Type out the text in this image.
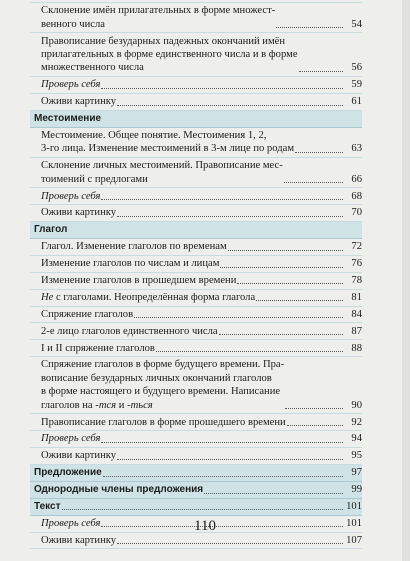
Склонение имён прилагательных в форме множест-
венного числа	54
Правописание безударных падежных окончаний имён
прилагательных в форме единственного числа и в форме
множественного числа	56
Проверь себя	59
Оживи картинку	61
Местоимение
Местоимение. Общее понятие. Местоимения 1, 2,
3-го лица. Изменение местоимений в 3-м лице по родам	63
Склонение личных местоимений. Правописание мес-
тоимений с предлогами	66
Проверь себя	68
Оживи картинку	70
Глагол
Глагол. Изменение глаголов по временам	72
Изменение глаголов по числам и лицам	76
Изменение глаголов в прошедшем времени	78
Не с глаголами. Неопределённая форма глагола	81
Спряжение глаголов	84
2-е лицо глаголов единственного числа	87
I и II спряжение глаголов	88
Спряжение глаголов в форме будущего времени. Пра-
вописание безударных личных окончаний глаголов
в форме настоящего и будущего времени. Написание
глаголов на -тся и -ться	90
Правописание глаголов в форме прошедшего времени	92
Проверь себя	94
Оживи картинку	95
Предложение	97
Однородные члены предложения	99
Текст	101
Проверь себя	101
Оживи картинку	107
110
